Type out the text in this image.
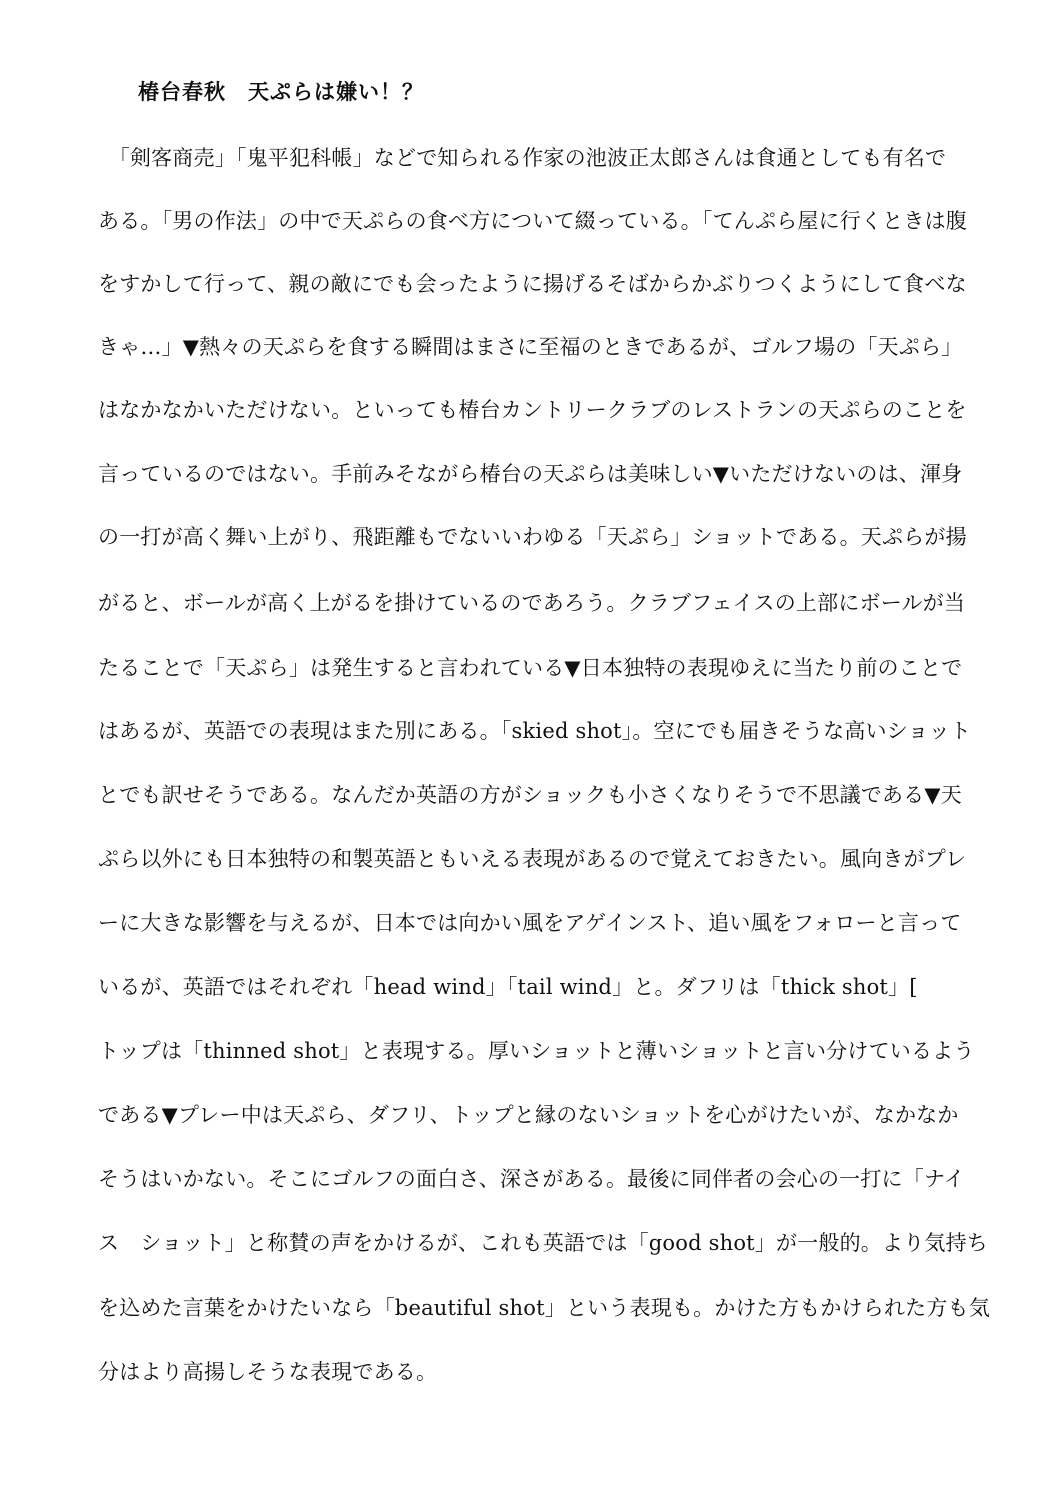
椿台春秋　天ぷらは嫌い！？
　「剣客商売」「鬼平犯科帳」などで知られる作家の池波正太郎さんは食通としても有名で
ある。「男の作法」の中で天ぷらの食べ方について綴っている。「てんぷら屋に行くときは腹
をすかして行って、親の敵にでも会ったように揚げるそばからかぶりつくようにして食べな
きゃ…」▼熱々の天ぷらを食する瞬間はまさに至福のときであるが、ゴルフ場の「天ぷら」
はなかなかいただけない。といっても椿台カントリークラブのレストランの天ぷらのことを
言っているのではない。手前みそながら椿台の天ぷらは美味しい▼いただけないのは、渾身
の一打が高く舞い上がり、飛距離もでないいわゆる「天ぷら」ショットである。天ぷらが揚
がると、ボールが高く上がるを掛けているのであろう。クラブフェイスの上部にボールが当
たることで「天ぷら」は発生すると言われている▼日本独特の表現ゆえに当たり前のことで
はあるが、英語での表現はまた別にある。「skied shot」。空にでも届きそうな高いショット
とでも訳せそうである。なんだか英語の方がショックも小さくなりそうで不思議である▼天
ぷら以外にも日本独特の和製英語ともいえる表現があるので覚えておきたい。風向きがプレ
ーに大きな影響を与えるが、日本では向かい風をアゲインスト、追い風をフォローと言って
いるが、英語ではそれぞれ「head wind」「tail wind」と。ダフリは「thick shot」[
トップは「thinned shot」と表現する。厚いショットと薄いショットと言い分けているよう
である▼プレー中は天ぷら、ダフリ、トップと縁のないショットを心がけたいが、なかなか
そうはいかない。そこにゴルフの面白さ、深さがある。最後に同伴者の会心の一打に「ナイ
ス　ショット」と称賛の声をかけるが、これも英語では「good shot」が一般的。より気持ち
を込めた言葉をかけたいなら「beautiful shot」という表現も。かけた方もかけられた方も気
分はより高揚しそうな表現である。
